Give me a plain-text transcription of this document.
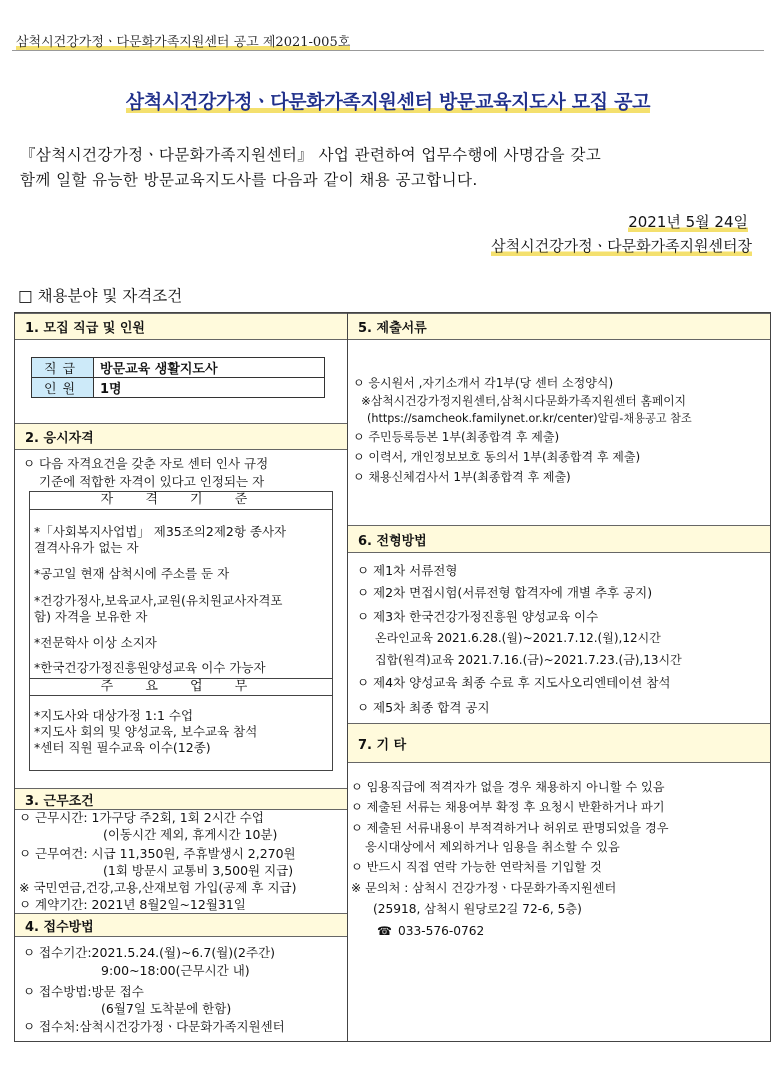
삼척시건강가정ㆍ다문화가족지원센터 공고 제2021-005호
삼척시건강가정ㆍ다문화가족지원센터 방문교육지도사 모집 공고
『삼척시건강가정ㆍ다문화가족지원센터』 사업 관련하여 업무수행에 사명감을 갖고
함께 일할 유능한 방문교육지도사를 다음과 같이 채용 공고합니다.
2021년 5월 24일
삼척시건강가정ㆍ다문화가족지원센터장
□ 채용분야 및 자격조건
1. 모집 직급 및 인원
직급	방문교육 생활지도사
인원	1명
2. 응시자격
ㅇ 다음 자격요건을 갖춘 자로 센터 인사 규정
기준에 적합한 자격이 있다고 인정되는 자
자 격 기 준
*「사회복지사업법」 제35조의2제2항 종사자
결격사유가 없는 자
*공고일 현재 삼척시에 주소를 둔 자
*건강가정사,보육교사,교원(유치원교사자격포
함) 자격을 보유한 자
*전문학사 이상 소지자
*한국건강가정진흥원양성교육 이수 가능자
주 요 업 무
*지도사와 대상가정 1:1 수업
*지도사 회의 및 양성교육, 보수교육 참석
*센터 직원 필수교육 이수(12종)
3. 근무조건
ㅇ 근무시간: 1가구당 주2회, 1회 2시간 수업
(이동시간 제외, 휴게시간 10분)
ㅇ 근무여건: 시급 11,350원, 주휴발생시 2,270원
(1회 방문시 교통비 3,500원 지급)
※ 국민연금,건강,고용,산재보험 가입(공제 후 지급)
ㅇ 계약기간: 2021년 8월2일~12월31일
4. 접수방법
ㅇ 접수기간:2021.5.24.(월)~6.7(월)(2주간)
9:00~18:00(근무시간 내)
ㅇ 접수방법:방문 접수
(6월7일 도착분에 한함)
ㅇ 접수처:삼척시건강가정ㆍ다문화가족지원센터
5. 제출서류
ㅇ 응시원서 ,자기소개서 각1부(당 센터 소정양식)
※삼척시건강가정지원센터,삼척시다문화가족지원센터 홈페이지
(https://samcheok.familynet.or.kr/center)알림-채용공고 참조
ㅇ 주민등록등본 1부(최종합격 후 제출)
ㅇ 이력서, 개인정보보호 동의서 1부(최종합격 후 제출)
ㅇ 채용신체검사서 1부(최종합격 후 제출)
6. 전형방법
ㅇ 제1차 서류전형
ㅇ 제2차 면접시험(서류전형 합격자에 개별 추후 공지)
ㅇ 제3차 한국건강가정진흥원 양성교육 이수
온라인교육 2021.6.28.(월)~2021.7.12.(월),12시간
집합(원격)교육 2021.7.16.(금)~2021.7.23.(금),13시간
ㅇ 제4차 양성교육 최종 수료 후 지도사오리엔테이션 참석
ㅇ 제5차 최종 합격 공지
7. 기 타
ㅇ 임용직급에 적격자가 없을 경우 채용하지 아니할 수 있음
ㅇ 제출된 서류는 채용여부 확정 후 요청시 반환하거나 파기
ㅇ 제출된 서류내용이 부적격하거나 허위로 판명되었을 경우
응시대상에서 제외하거나 임용을 취소할 수 있음
ㅇ 반드시 직접 연락 가능한 연락처를 기입할 것
※ 문의처 : 삼척시 건강가정ㆍ다문화가족지원센터
(25918, 삼척시 원당로2길 72-6, 5층)
☎ 033-576-0762
